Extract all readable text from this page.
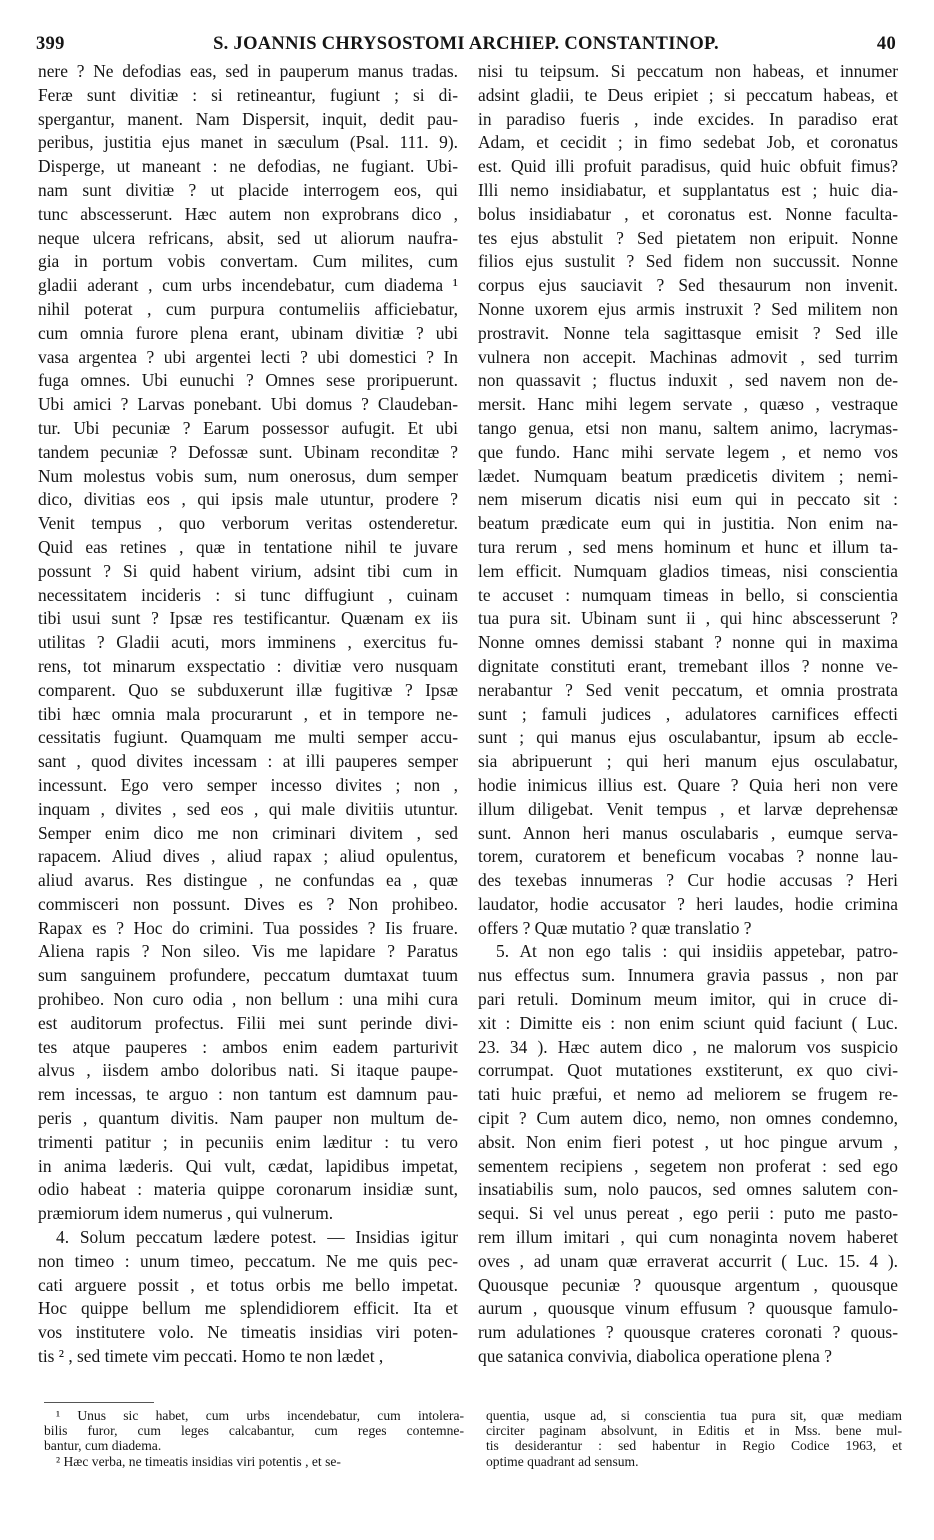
399	S. JOANNIS CHRYSOSTOMI ARCHIEP. CONSTANTINOP.	40
nere ? Ne defodias eas, sed in pauperum manus tradas.
Feræ sunt divitiæ : si retineantur, fugiunt ; si di-
spergantur, manent. Nam Dispersit, inquit, dedit pau-
peribus, justitia ejus manet in sæculum (Psal. 111. 9).
Disperge, ut maneant : ne defodias, ne fugiant. Ubi-
nam sunt divitiæ ? ut placide interrogem eos, qui
tunc abscesserunt. Hæc autem non exprobrans dico ,
neque ulcera refricans, absit, sed ut aliorum naufra-
gia in portum vobis convertam. Cum milites, cum
gladii aderant , cum urbs incendebatur, cum diadema ¹
nihil poterat , cum purpura contumeliis afficiebatur,
cum omnia furore plena erant, ubinam divitiæ ? ubi
vasa argentea ? ubi argentei lecti ? ubi domestici ? In
fuga omnes. Ubi eunuchi ? Omnes sese proripuerunt.
Ubi amici ? Larvas ponebant. Ubi domus ? Claudeban-
tur. Ubi pecuniæ ? Earum possessor aufugit. Et ubi
tandem pecuniæ ? Defossæ sunt. Ubinam reconditæ ?
Num molestus vobis sum, num onerosus, dum semper
dico, divitias eos , qui ipsis male utuntur, prodere ?
Venit tempus , quo verborum veritas ostenderetur.
Quid eas retines , quæ in tentatione nihil te juvare
possunt ? Si quid habent virium, adsint tibi cum in
necessitatem incideris : si tunc diffugiunt , cuinam
tibi usui sunt ? Ipsæ res testificantur. Quænam ex iis
utilitas ? Gladii acuti, mors imminens , exercitus fu-
rens, tot minarum exspectatio : divitiæ vero nusquam
comparent. Quo se subduxerunt illæ fugitivæ ? Ipsæ
tibi hæc omnia mala procurarunt , et in tempore ne-
cessitatis fugiunt. Quamquam me multi semper accu-
sant , quod divites incessam : at illi pauperes semper
incessunt. Ego vero semper incesso divites ; non ,
inquam , divites , sed eos , qui male divitiis utuntur.
Semper enim dico me non criminari divitem , sed
rapacem. Aliud dives , aliud rapax ; aliud opulentus,
aliud avarus. Res distingue , ne confundas ea , quæ
commisceri non possunt. Dives es ? Non prohibeo.
Rapax es ? Hoc do crimini. Tua possides ? Iis fruare.
Aliena rapis ? Non sileo. Vis me lapidare ? Paratus
sum sanguinem profundere, peccatum dumtaxat tuum
prohibeo. Non curo odia , non bellum : una mihi cura
est auditorum profectus. Filii mei sunt perinde divi-
tes atque pauperes : ambos enim eadem parturivit
alvus , iisdem ambo doloribus nati. Si itaque paupe-
rem incessas, te arguo : non tantum est damnum pau-
peris , quantum divitis. Nam pauper non multum de-
trimenti patitur ; in pecuniis enim læditur : tu vero
in anima læderis. Qui vult, cædat, lapidibus impetat,
odio habeat : materia quippe coronarum insidiæ sunt,
præmiorum idem numerus , qui vulnerum.
4. Solum peccatum lædere potest. — Insidias igitur
non timeo : unum timeo, peccatum. Ne me quis pec-
cati arguere possit , et totus orbis me bello impetat.
Hoc quippe bellum me splendidiorem efficit. Ita et
vos institutere volo. Ne timeatis insidias viri poten-
tis ² , sed timete vim peccati. Homo te non lædet ,
nisi tu teipsum. Si peccatum non habeas, et innumer
adsint gladii, te Deus eripiet ; si peccatum habeas, et
in paradiso fueris , inde excides. In paradiso erat
Adam, et cecidit ; in fimo sedebat Job, et coronatus
est. Quid illi profuit paradisus, quid huic obfuit fimus?
Illi nemo insidiabatur, et supplantatus est ; huic dia-
bolus insidiabatur , et coronatus est. Nonne faculta-
tes ejus abstulit ? Sed pietatem non eripuit. Nonne
filios ejus sustulit ? Sed fidem non succussit. Nonne
corpus ejus sauciavit ? Sed thesaurum non invenit.
Nonne uxorem ejus armis instruxit ? Sed militem non
prostravit. Nonne tela sagittasque emisit ? Sed ille
vulnera non accepit. Machinas admovit , sed turrim
non quassavit ; fluctus induxit , sed navem non de-
mersit. Hanc mihi legem servate , quæso , vestraque
tango genua, etsi non manu, saltem animo, lacrymas-
que fundo. Hanc mihi servate legem , et nemo vos
lædet. Numquam beatum prædicetis divitem ; nemi-
nem miserum dicatis nisi eum qui in peccato sit :
beatum prædicate eum qui in justitia. Non enim na-
tura rerum , sed mens hominum et hunc et illum ta-
lem efficit. Numquam gladios timeas, nisi conscientia
te accuset : numquam timeas in bello, si conscientia
tua pura sit. Ubinam sunt ii , qui hinc abscesserunt ?
Nonne omnes demissi stabant ? nonne qui in maxima
dignitate constituti erant, tremebant illos ? nonne ve-
nerabantur ? Sed venit peccatum, et omnia prostrata
sunt ; famuli judices , adulatores carnifices effecti
sunt ; qui manus ejus osculabantur, ipsum ab eccle-
sia abripuerunt ; qui heri manum ejus osculabatur,
hodie inimicus illius est. Quare ? Quia heri non vere
illum diligebat. Venit tempus , et larvæ deprehensæ
sunt. Annon heri manus osculabaris , eumque serva-
torem, curatorem et beneficum vocabas ? nonne lau-
des texebas innumeras ? Cur hodie accusas ? Heri
laudator, hodie accusator ? heri laudes, hodie crimina
offers ? Quæ mutatio ? quæ translatio ?
5. At non ego talis : qui insidiis appetebar, patro-
nus effectus sum. Innumera gravia passus , non par
pari retuli. Dominum meum imitor, qui in cruce di-
xit : Dimitte eis : non enim sciunt quid faciunt ( Luc.
23. 34 ). Hæc autem dico , ne malorum vos suspicio
corrumpat. Quot mutationes exstiterunt, ex quo civi-
tati huic præfui, et nemo ad meliorem se frugem re-
cipit ? Cum autem dico, nemo, non omnes condemno,
absit. Non enim fieri potest , ut hoc pingue arvum ,
sementem recipiens , segetem non proferat : sed ego
insatiabilis sum, nolo paucos, sed omnes salutem con-
sequi. Si vel unus pereat , ego perii : puto me pasto-
rem illum imitari , qui cum nonaginta novem haberet
oves , ad unam quæ erraverat accurrit ( Luc. 15. 4 ).
Quousque pecuniæ ? quousque argentum , quousque
aurum , quousque vinum effusum ? quousque famulo-
rum adulationes ? quousque crateres coronati ? quous-
que satanica convivia, diabolica operatione plena ?
¹ Unus sic habet, cum urbs incendebatur, cum intolera-
bilis furor, cum leges calcabantur, cum reges contemne-
bantur, cum diadema.
² Hæc verba, ne timeatis insidias viri potentis , et se-
quentia, usque ad, si conscientia tua pura sit, quæ mediam
circiter paginam absolvunt, in Editis et in Mss. bene mul-
tis desiderantur : sed habentur in Regio Codice 1963, et
optime quadrant ad sensum.
